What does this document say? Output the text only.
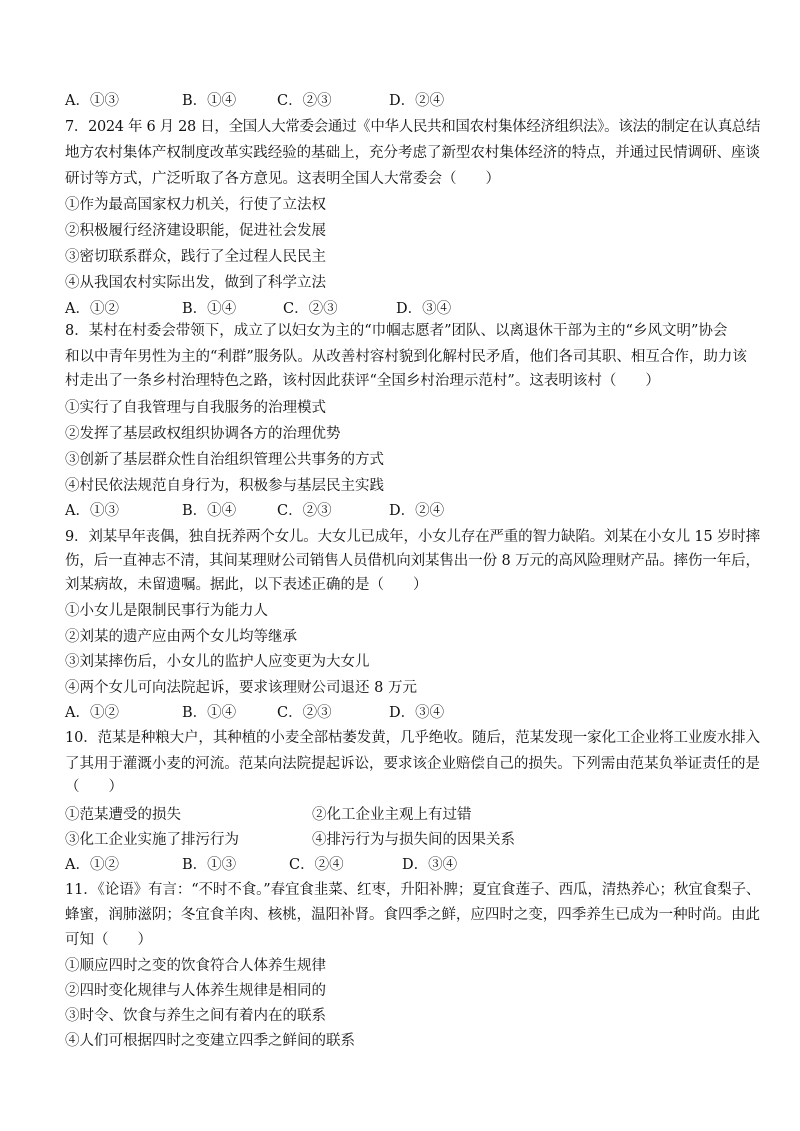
A．①③	B．①④	C．②③	D．②④
7．2024 年 6 月 28 日，全国人大常委会通过《中华人民共和国农村集体经济组织法》。该法的制定在认真总结
地方农村集体产权制度改革实践经验的基础上，充分考虑了新型农村集体经济的特点，并通过民情调研、座谈
研讨等方式，广泛听取了各方意见。这表明全国人大常委会（　　）
①作为最高国家权力机关，行使了立法权
②积极履行经济建设职能，促进社会发展
③密切联系群众，践行了全过程人民民主
④从我国农村实际出发，做到了科学立法
A．①②	B．①④	C．②③	D．③④
8．某村在村委会带领下，成立了以妇女为主的“巾帼志愿者”团队、以离退休干部为主的“乡风文明”协会
和以中青年男性为主的“利群”服务队。从改善村容村貌到化解村民矛盾，他们各司其职、相互合作，助力该
村走出了一条乡村治理特色之路，该村因此获评“全国乡村治理示范村”。这表明该村（　　）
①实行了自我管理与自我服务的治理模式
②发挥了基层政权组织协调各方的治理优势
③创新了基层群众性自治组织管理公共事务的方式
④村民依法规范自身行为，积极参与基层民主实践
A．①③	B．①④	C．②③	D．②④
9．刘某早年丧偶，独自抚养两个女儿。大女儿已成年，小女儿存在严重的智力缺陷。刘某在小女儿 15 岁时摔
伤，后一直神志不清，其间某理财公司销售人员借机向刘某售出一份 8 万元的高风险理财产品。摔伤一年后，
刘某病故，未留遗嘱。据此，以下表述正确的是（　　）
①小女儿是限制民事行为能力人
②刘某的遗产应由两个女儿均等继承
③刘某摔伤后，小女儿的监护人应变更为大女儿
④两个女儿可向法院起诉，要求该理财公司退还 8 万元
A．①②	B．①④	C．②③	D．③④
10．范某是种粮大户，其种植的小麦全部枯萎发黄，几乎绝收。随后，范某发现一家化工企业将工业废水排入
了其用于灌溉小麦的河流。范某向法院提起诉讼，要求该企业赔偿自己的损失。下列需由范某负举证责任的是
（　　）
①范某遭受的损失	②化工企业主观上有过错
③化工企业实施了排污行为	④排污行为与损失间的因果关系
A．①②	B．①③	C．②④	D．③④
11．《论语》有言：“不时不食。”春宜食韭菜、红枣，升阳补脾；夏宜食莲子、西瓜，清热养心；秋宜食梨子、
蜂蜜，润肺滋阴；冬宜食羊肉、核桃，温阳补肾。食四季之鲜，应四时之变，四季养生已成为一种时尚。由此
可知（　　）
①顺应四时之变的饮食符合人体养生规律
②四时变化规律与人体养生规律是相同的
③时令、饮食与养生之间有着内在的联系
④人们可根据四时之变建立四季之鲜间的联系
